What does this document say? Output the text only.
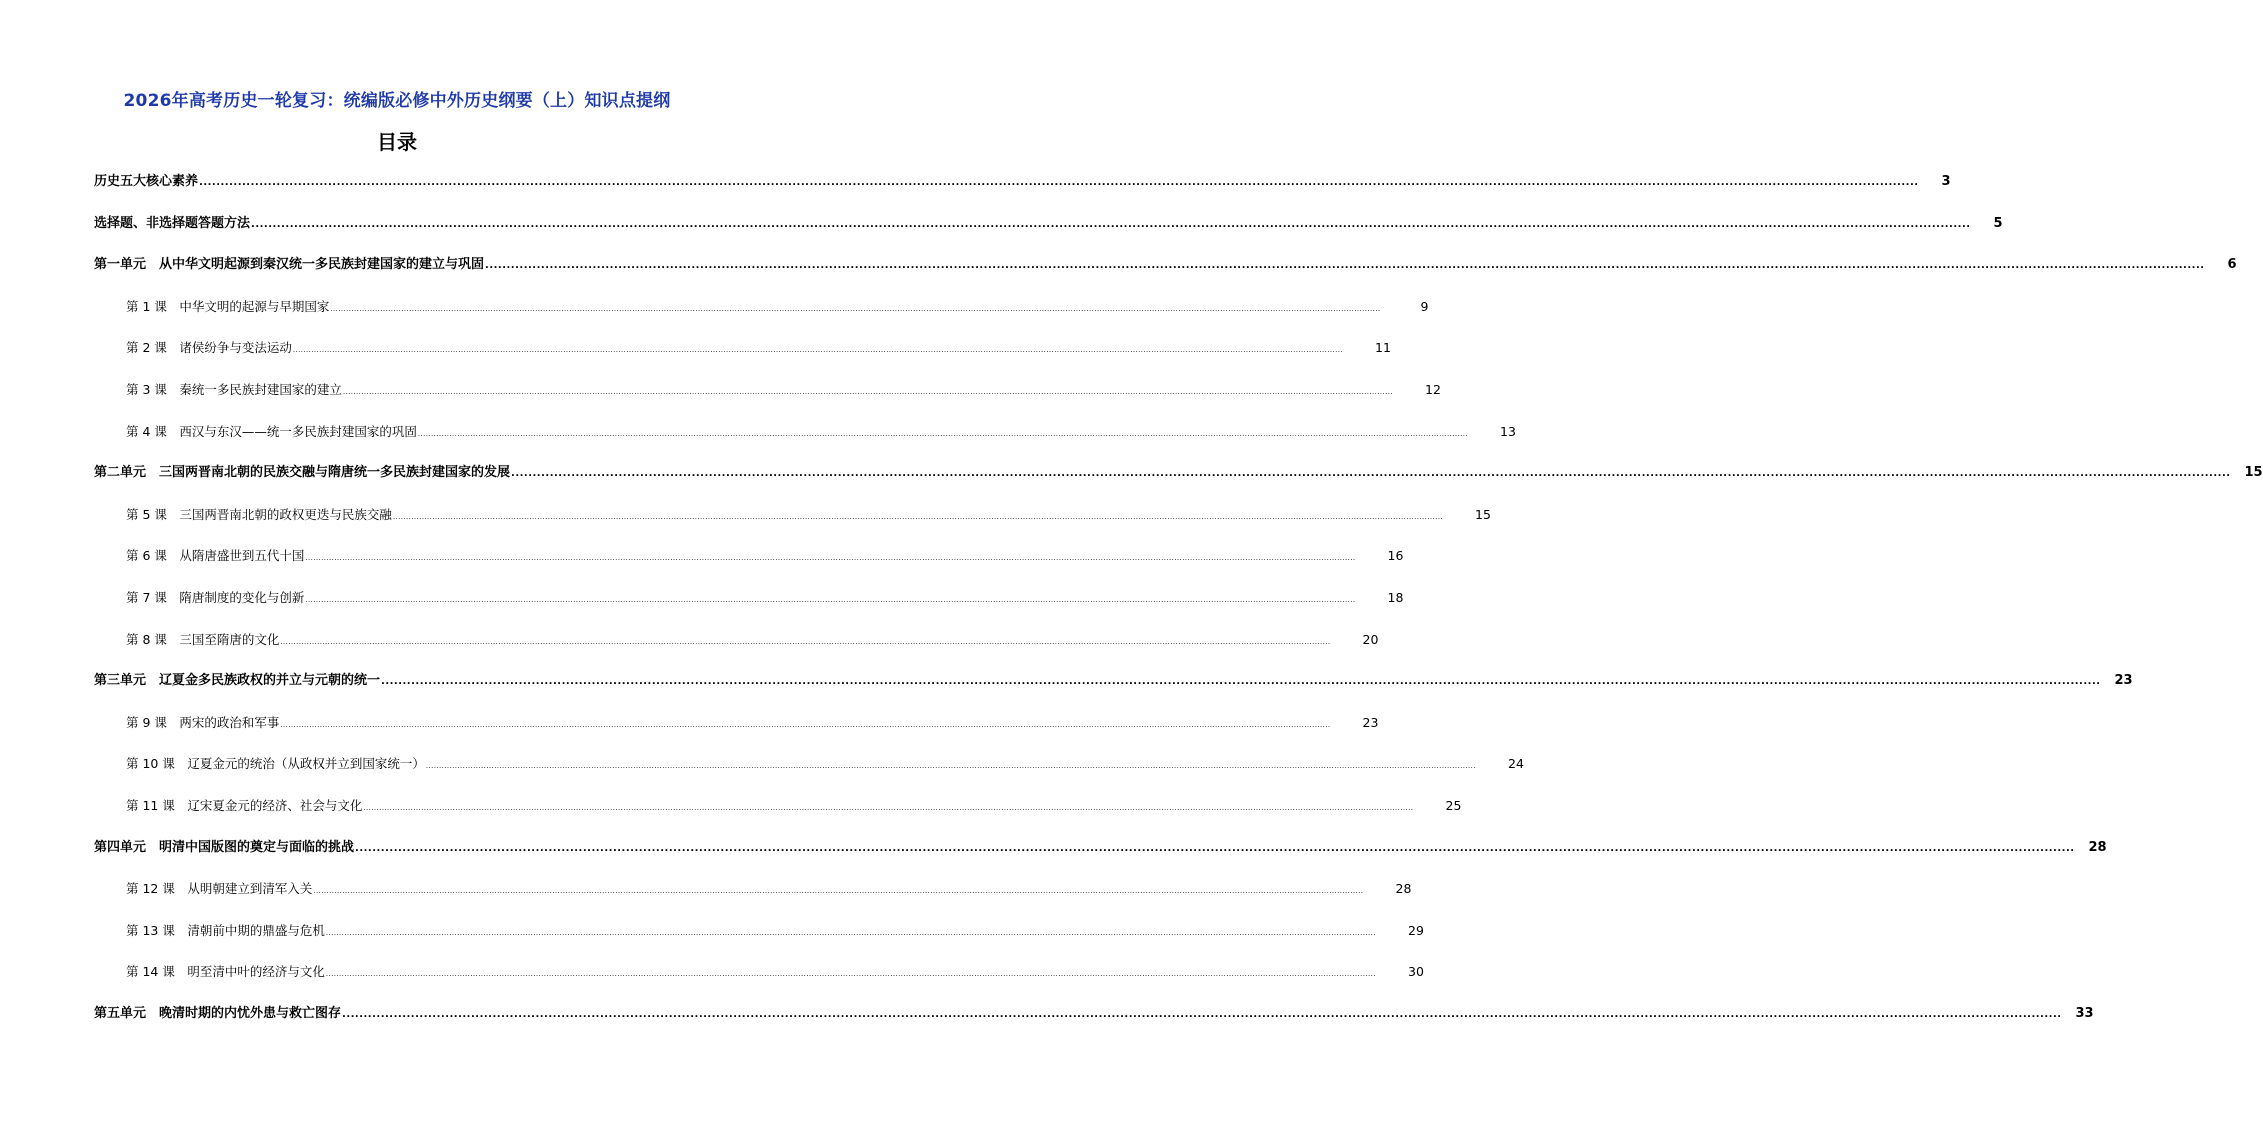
2026年高考历史一轮复习：统编版必修中外历史纲要（上）知识点提纲
目录
历史五大核心素养 ................................................................................................................................................................................................................................................................................................................................................................................................................	3
选择题、非选择题答题方法 ................................................................................................................................................................................................................................................................................................................................................................................................................	5
第一单元　从中华文明起源到秦汉统一多民族封建国家的建立与巩固 ................................................................................................................................................................................................................................................................................................................................................................................................................	6
第 1 课　中华文明的起源与早期国家 ................................................................................................................................................................................................................................................................................................................................................................................................................	9
第 2 课　诸侯纷争与变法运动 ................................................................................................................................................................................................................................................................................................................................................................................................................	11
第 3 课　秦统一多民族封建国家的建立 ................................................................................................................................................................................................................................................................................................................................................................................................................	12
第 4 课　西汉与东汉——统一多民族封建国家的巩固 ................................................................................................................................................................................................................................................................................................................................................................................................................	13
第二单元　三国两晋南北朝的民族交融与隋唐统一多民族封建国家的发展 ................................................................................................................................................................................................................................................................................................................................................................................................................	15
第 5 课　三国两晋南北朝的政权更迭与民族交融 ................................................................................................................................................................................................................................................................................................................................................................................................................	15
第 6 课　从隋唐盛世到五代十国 ................................................................................................................................................................................................................................................................................................................................................................................................................	16
第 7 课　隋唐制度的变化与创新 ................................................................................................................................................................................................................................................................................................................................................................................................................	18
第 8 课　三国至隋唐的文化 ................................................................................................................................................................................................................................................................................................................................................................................................................	20
第三单元　辽夏金多民族政权的并立与元朝的统一 ................................................................................................................................................................................................................................................................................................................................................................................................................	23
第 9 课　两宋的政治和军事 ................................................................................................................................................................................................................................................................................................................................................................................................................	23
第 10 课　辽夏金元的统治（从政权并立到国家统一） ................................................................................................................................................................................................................................................................................................................................................................................................................	24
第 11 课　辽宋夏金元的经济、社会与文化 ................................................................................................................................................................................................................................................................................................................................................................................................................	25
第四单元　明清中国版图的奠定与面临的挑战 ................................................................................................................................................................................................................................................................................................................................................................................................................	28
第 12 课　从明朝建立到清军入关 ................................................................................................................................................................................................................................................................................................................................................................................................................	28
第 13 课　清朝前中期的鼎盛与危机 ................................................................................................................................................................................................................................................................................................................................................................................................................	29
第 14 课　明至清中叶的经济与文化 ................................................................................................................................................................................................................................................................................................................................................................................................................	30
第五单元　晚清时期的内忧外患与救亡图存 ................................................................................................................................................................................................................................................................................................................................................................................................................	33
